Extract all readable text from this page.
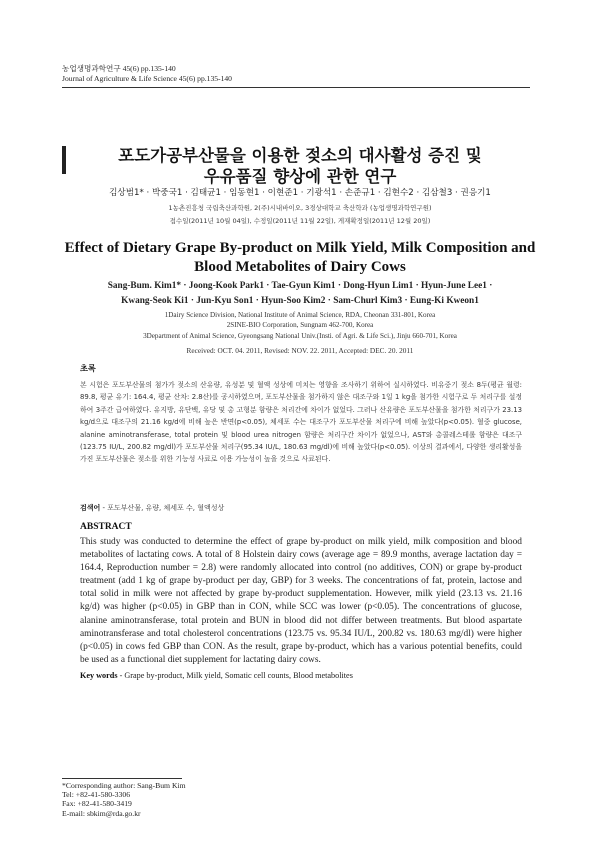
농업생명과학연구 45(6) pp.135-140
Journal of Agriculture & Life Science 45(6) pp.135-140
포도가공부산물을 이용한 젖소의 대사활성 증진 및
우유품질 향상에 관한 연구
김상범1* · 박중국1 · 김태균1 · 임동현1 · 이현준1 · 기광석1 · 손준규1 · 김현수2 · 김삼철3 · 권응기1
1농촌진흥청 국립축산과학원, 2(주)시내바이오, 3경상대학교 축산학과 (농업생명과학연구원)
접수일(2011년 10월 04일), 수정일(2011년 11월 22일), 게재확정일(2011년 12월 20일)
Effect of Dietary Grape By-product on Milk Yield, Milk Composition and
Blood Metabolites of Dairy Cows
Sang-Bum. Kim1* · Joong-Kook Park1 · Tae-Gyun Kim1 · Dong-Hyun Lim1 · Hyun-June Lee1 ·
Kwang-Seok Ki1 · Jun-Kyu Son1 · Hyun-Soo Kim2 · Sam-Churl Kim3 · Eung-Ki Kweon1
1Dairy Science Division, National Institute of Animal Science, RDA, Cheonan 331-801, Korea
2SINE-BIO Corporation, Sungnam 462-700, Korea
3Department of Animal Science, Gyeongsang National Univ.(Insti. of Agri. & Life Sci.), Jinju 660-701, Korea
Received: OCT. 04. 2011, Revised: NOV. 22. 2011, Accepted: DEC. 20. 2011
초록
본 시험은 포도부산물의 첨가가 젖소의 산유량, 유성분 및 혈액 성상에 미치는 영향을 조사하기 위하여 실시하였다. 비유중기 젖소 8두(평균 월령: 89.8, 평균 유기: 164.4, 평균 산차: 2.8산)를 공시하였으며, 포도부산물을 첨가하지 않은 대조구와 1일 1 kg을 첨가한 시험구로 두 처리구를 설정하여 3주간 급여하였다. 유지방, 유단백, 유당 및 총 고형분 함량은 처리간에 차이가 없었다. 그러나 산유량은 포도부산물을 첨가한 처리구가 23.13 kg/d으로 대조구의 21.16 kg/d에 비해 높은 반면(p<0.05), 체세포 수는 대조구가 포도부산물 처리구에 비해 높았다(p<0.05). 혈중 glucose, alanine aminotransferase, total protein 및 blood urea nitrogen 함량은 처리구간 차이가 없었으나, AST와 총콜레스테롤 함량은 대조구(123.75 IU/L, 200.82 mg/dl)가 포도부산물 처리구(95.34 IU/L, 180.63 mg/dl)에 비해 높았다(p<0.05). 이상의 결과에서, 다양한 생리활성을 가진 포도부산물은 젖소를 위한 기능성 사료로 이용 가능성이 높을 것으로 사료된다.
검색어 - 포도부산물, 유량, 체세포 수, 혈액성상
ABSTRACT
This study was conducted to determine the effect of grape by-product on milk yield, milk composition and blood metabolites of lactating cows. A total of 8 Holstein dairy cows (average age = 89.9 months, average lactation day = 164.4, Reproduction number = 2.8) were randomly allocated into control (no additives, CON) or grape by-product treatment (add 1 kg of grape by-product per day, GBP) for 3 weeks. The concentrations of fat, protein, lactose and total solid in milk were not affected by grape by-product supplementation. However, milk yield (23.13 vs. 21.16 kg/d) was higher (p<0.05) in GBP than in CON, while SCC was lower (p<0.05). The concentrations of glucose, alanine aminotransferase, total protein and BUN in blood did not differ between treatments. But blood aspartate aminotransferase and total cholesterol concentrations (123.75 vs. 95.34 IU/L, 200.82 vs. 180.63 mg/dl) were higher (p<0.05) in cows fed GBP than CON. As the result, grape by-product, which has a various potential benefits, could be used as a functional diet supplement for lactating dairy cows.
Key words - Grape by-product, Milk yield, Somatic cell counts, Blood metabolites
*Corresponding author: Sang-Bum Kim
Tel: +82-41-580-3306
Fax: +82-41-580-3419
E-mail: sbkim@rda.go.kr
